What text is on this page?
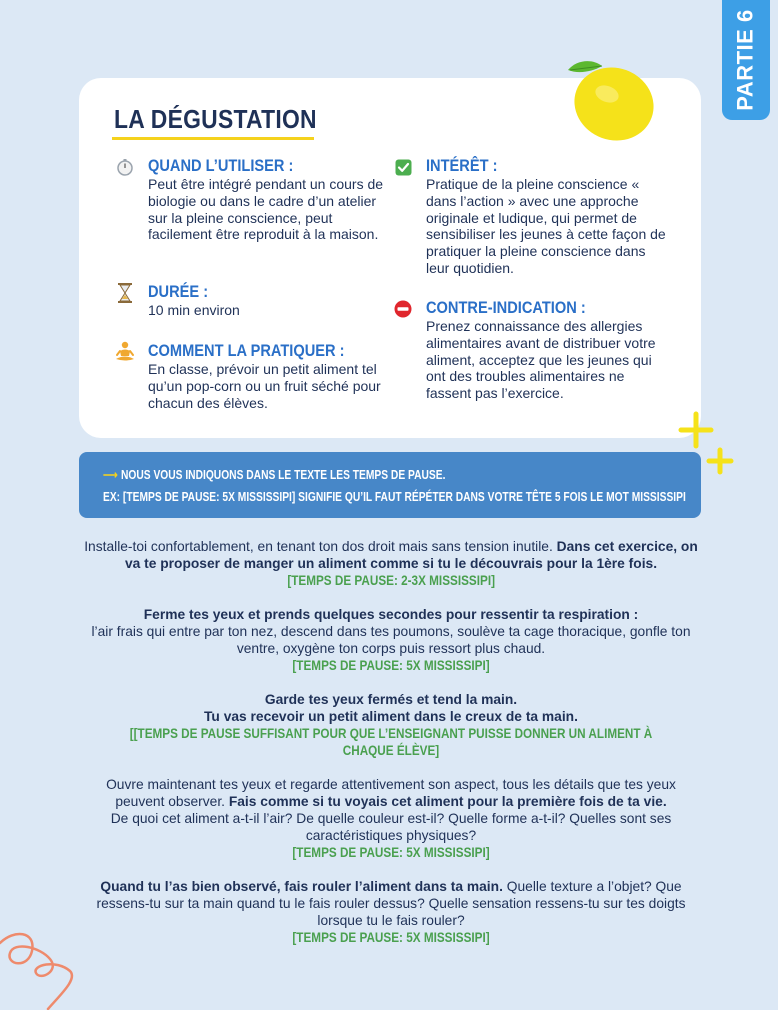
PARTIE 6
LA DÉGUSTATION
QUAND L’UTILISER :

Peut être intégré pendant un cours de biologie ou dans le cadre d’un atelier sur la pleine conscience, peut facilement être reproduit à la maison.

DURÉE :

10 min environ

COMMENT LA PRATIQUER :

En classe, prévoir un petit aliment tel qu’un pop-corn ou un fruit séché pour chacun des élèves.

INTÉRÊT :

Pratique de la pleine conscience « dans l’action » avec une approche originale et ludique, qui permet de sensibiliser les jeunes à cette façon de pratiquer la pleine conscience dans leur quotidien.

CONTRE-INDICATION :

Prenez connaissance des allergies alimentaires avant de distribuer votre aliment, acceptez que les jeunes qui ont des troubles alimentaires ne fassent pas l’exercice.

⟶ NOUS VOUS INDIQUONS DANS LE TEXTE LES TEMPS DE PAUSE.
EX: [TEMPS DE PAUSE: 5X MISSISSIPI] SIGNIFIE QU’IL FAUT RÉPÉTER DANS VOTRE TÊTE 5 FOIS LE MOT MISSISSIPI
Installe-toi confortablement, en tenant ton dos droit mais sans tension inutile. Dans cet exercice, on va te proposer de manger un aliment comme si tu le découvrais pour la 1ère fois.
[TEMPS DE PAUSE: 2-3X MISSISSIPI]
Ferme tes yeux et prends quelques secondes pour ressentir ta respiration :
l’air frais qui entre par ton nez, descend dans tes poumons, soulève ta cage thoracique, gonfle ton ventre, oxygène ton corps puis ressort plus chaud.
[TEMPS DE PAUSE: 5X MISSISSIPI]
Garde tes yeux fermés et tend la main.
Tu vas recevoir un petit aliment dans le creux de ta main.
[[TEMPS DE PAUSE SUFFISANT POUR QUE L’ENSEIGNANT PUISSE DONNER UN ALIMENT À CHAQUE ÉLÈVE]
Ouvre maintenant tes yeux et regarde attentivement son aspect, tous les détails que tes yeux peuvent observer. Fais comme si tu voyais cet aliment pour la première fois de ta vie.
De quoi cet aliment a-t-il l’air? De quelle couleur est-il? Quelle forme a-t-il? Quelles sont ses caractéristiques physiques?
[TEMPS DE PAUSE: 5X MISSISSIPI]
Quand tu l’as bien observé, fais rouler l’aliment dans ta main. Quelle texture a l’objet? Que ressens-tu sur ta main quand tu le fais rouler dessus? Quelle sensation ressens-tu sur tes doigts lorsque tu le fais rouler?
[TEMPS DE PAUSE: 5X MISSISSIPI]
